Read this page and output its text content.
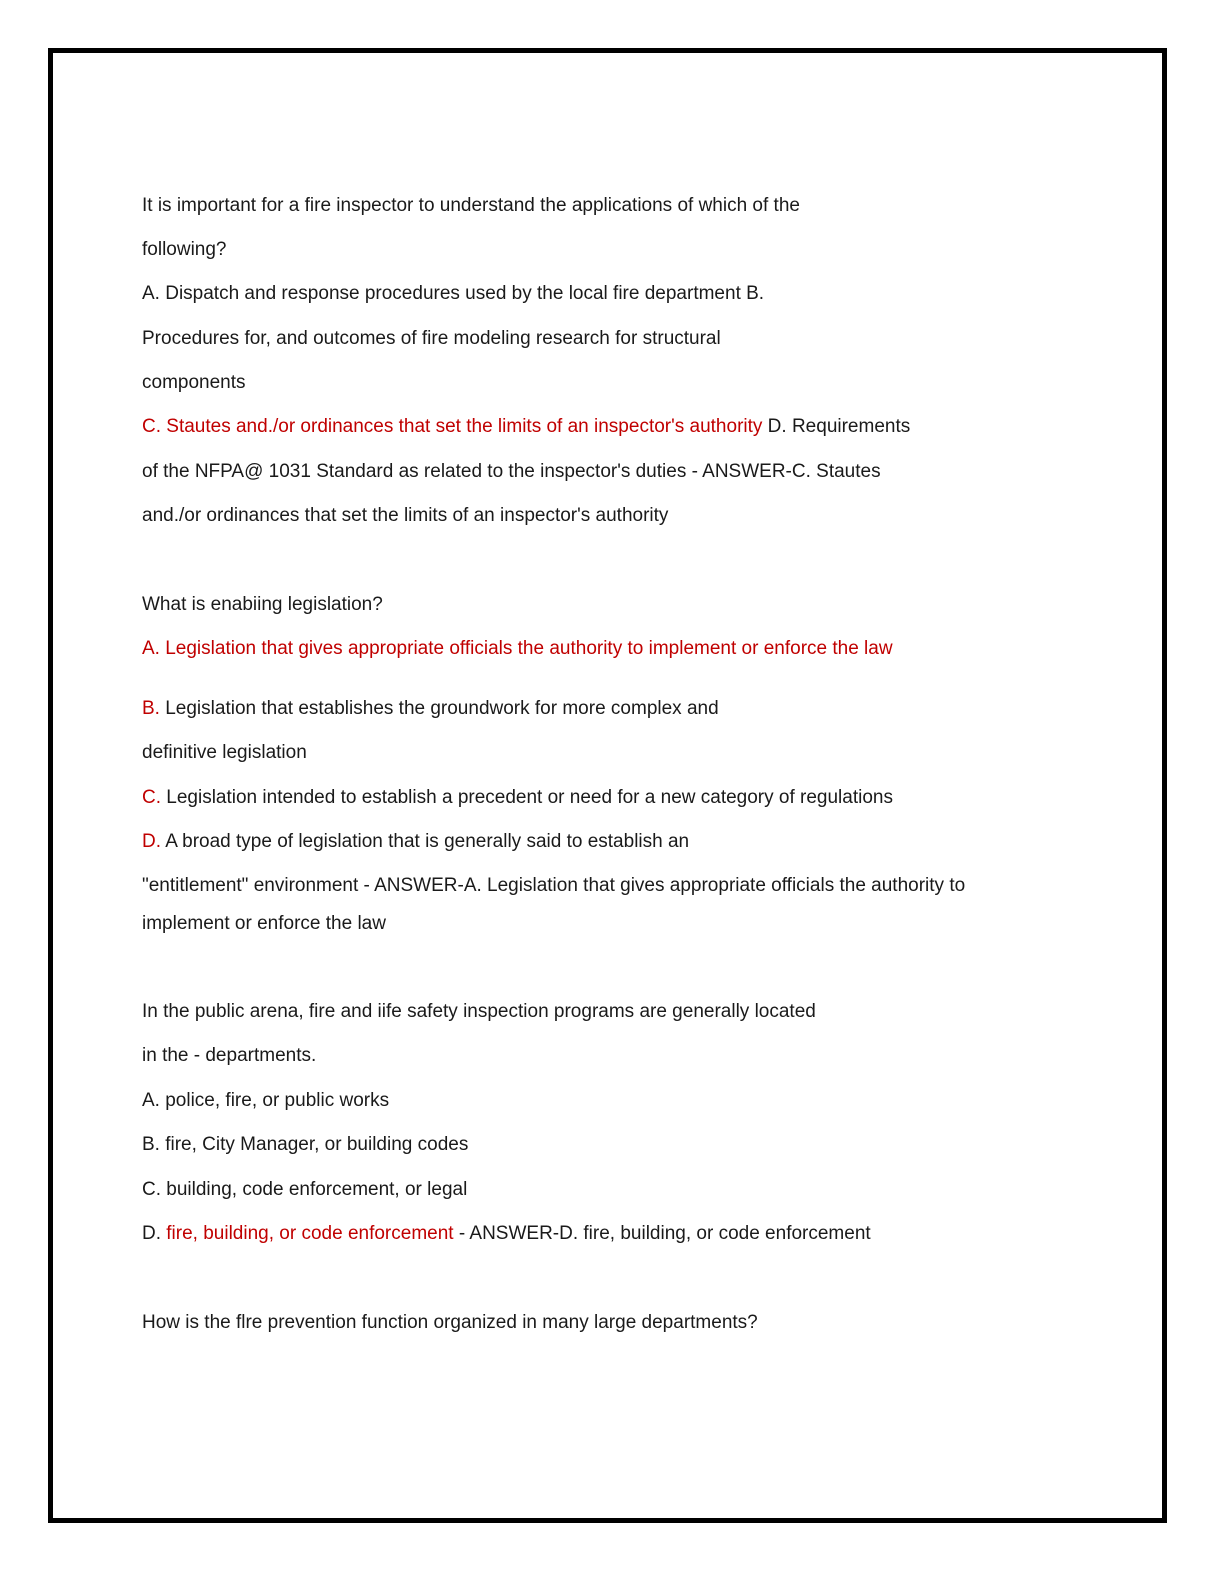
It is important for a fire inspector to understand the applications of which of the
following?
A. Dispatch and response procedures used by the local fire department B.
Procedures for, and outcomes of fire modeling research for structural
components
C. Stautes and./or ordinances that set the limits of an inspector's authority D. Requirements
of the NFPA@ 1031 Standard as related to the inspector's duties - ANSWER-C. Stautes
and./or ordinances that set the limits of an inspector's authority
What is enabiing legislation?
A. Legislation that gives appropriate officials the authority to implement or enforce the law
B. Legislation that establishes the groundwork for more complex and
definitive legislation
C. Legislation intended to establish a precedent or need for a new category of regulations
D. A broad type of legislation that is generally said to establish an
"entitlement" environment - ANSWER-A. Legislation that gives appropriate officials the authority to
implement or enforce the law
In the public arena, fire and iife safety inspection programs are generally located
in the - departments.
A. police, fire, or public works
B. fire, City Manager, or building codes
C. building, code enforcement, or legal
D. fire, building, or code enforcement - ANSWER-D. fire, building, or code enforcement
How is the flre prevention function organized in many large departments?
